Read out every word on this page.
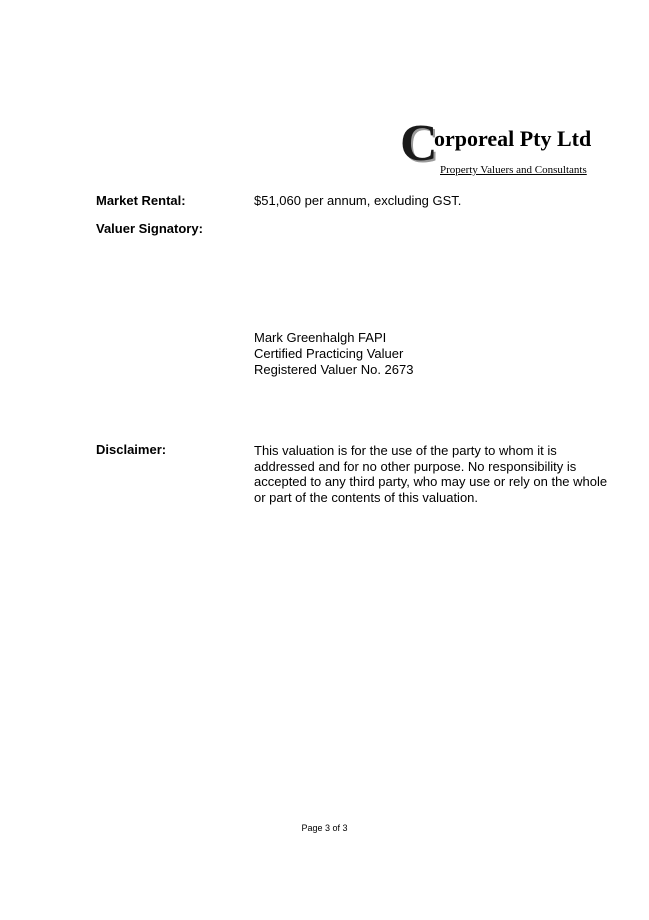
C
orporeal Pty Ltd
Property Valuers and Consultants
Market Rental:	$51,060 per annum, excluding GST.
Valuer Signatory:
Mark Greenhalgh FAPI
Certified Practicing Valuer
Registered Valuer No. 2673
Disclaimer:	This valuation is for the use of the party to whom it is addressed and for no other purpose. No responsibility is accepted to any third party, who may use or rely on the whole or part of the contents of this valuation.
Page 3 of 3
